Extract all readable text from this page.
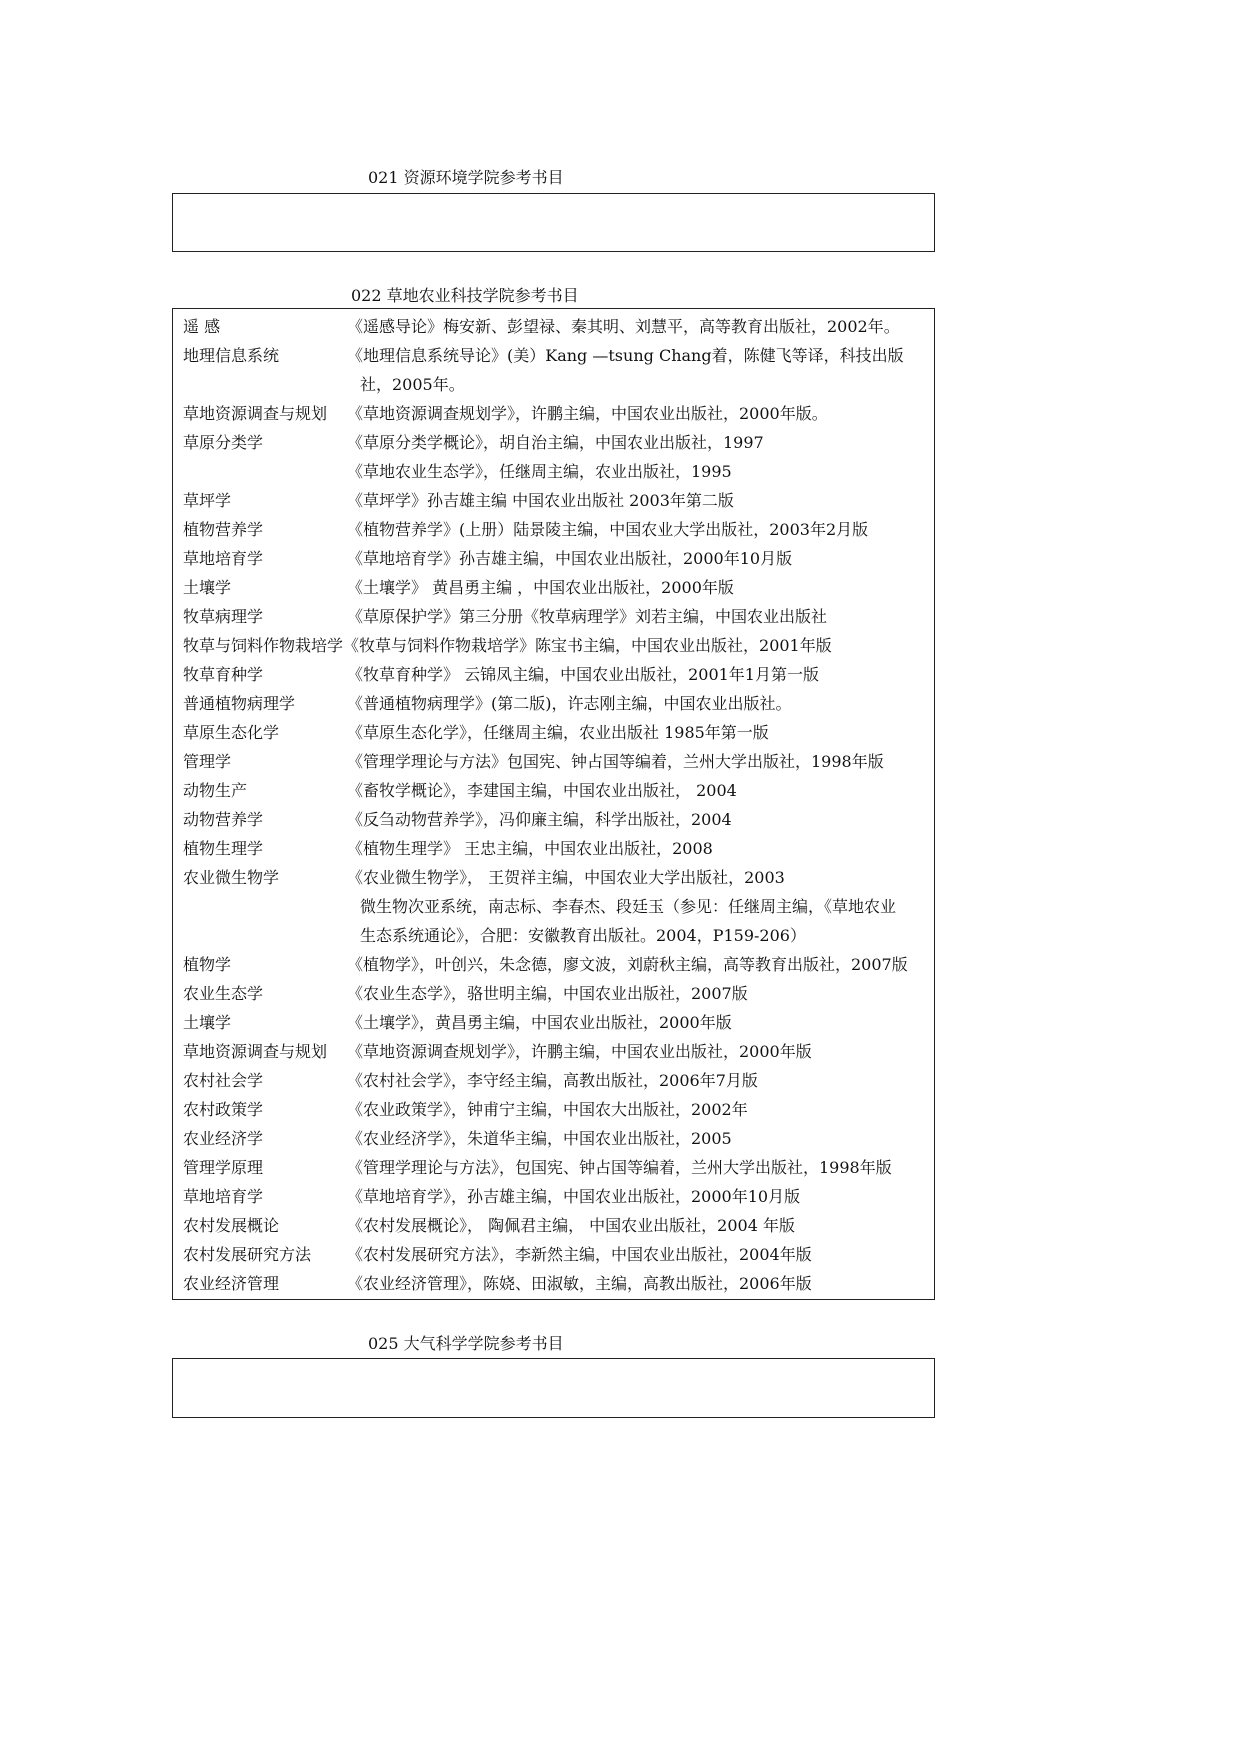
021 资源环境学院参考书目
022 草地农业科技学院参考书目
遥 感	《遥感导论》梅安新、彭望禄、秦其明、刘慧平，高等教育出版社，2002年。
地理信息系统	《地理信息系统导论》(美）Kang —tsung Chang着，陈健飞等译，科技出版
社，2005年。
草地资源调查与规划 《草地资源调查规划学》，许鹏主编，中国农业出版社，2000年版。
草原分类学	《草原分类学概论》，胡自治主编，中国农业出版社，1997
《草地农业生态学》，任继周主编，农业出版社，1995
草坪学	《草坪学》孙吉雄主编 中国农业出版社 2003年第二版
植物营养学	《植物营养学》(上册）陆景陵主编，中国农业大学出版社，2003年2月版
草地培育学	《草地培育学》孙吉雄主编，中国农业出版社，2000年10月版
土壤学	《土壤学》 黄昌勇主编 ，中国农业出版社，2000年版
牧草病理学	《草原保护学》第三分册《牧草病理学》刘若主编，中国农业出版社
牧草与饲料作物栽培学《牧草与饲料作物栽培学》陈宝书主编，中国农业出版社，2001年版
牧草育种学	《牧草育种学》 云锦凤主编，中国农业出版社，2001年1月第一版
普通植物病理学	《普通植物病理学》(第二版)，许志刚主编，中国农业出版社。
草原生态化学	《草原生态化学》，任继周主编，农业出版社 1985年第一版
管理学	《管理学理论与方法》包国宪、钟占国等编着，兰州大学出版社，1998年版
动物生产	《畜牧学概论》，李建国主编，中国农业出版社， 2004
动物营养学	《反刍动物营养学》，冯仰廉主编，科学出版社，2004
植物生理学	《植物生理学》 王忠主编，中国农业出版社，2008
农业微生物学	《农业微生物学》， 王贺祥主编，中国农业大学出版社，2003
微生物次亚系统，南志标、李春杰、段廷玉（参见：任继周主编，《草地农业
生态系统通论》，合肥：安徽教育出版社。2004，P159-206）
植物学	《植物学》，叶创兴，朱念德，廖文波，刘蔚秋主编，高等教育出版社，2007版
农业生态学	《农业生态学》，骆世明主编，中国农业出版社，2007版
土壤学	《土壤学》，黄昌勇主编，中国农业出版社，2000年版
草地资源调查与规划 《草地资源调查规划学》，许鹏主编，中国农业出版社，2000年版
农村社会学	《农村社会学》，李守经主编，高教出版社，2006年7月版
农村政策学	《农业政策学》，钟甫宁主编，中国农大出版社，2002年
农业经济学	《农业经济学》，朱道华主编，中国农业出版社，2005
管理学原理	《管理学理论与方法》，包国宪、钟占国等编着，兰州大学出版社，1998年版
草地培育学	《草地培育学》，孙吉雄主编，中国农业出版社，2000年10月版
农村发展概论	《农村发展概论》， 陶佩君主编， 中国农业出版社，2004 年版
农村发展研究方法 《农村发展研究方法》，李新然主编，中国农业出版社，2004年版
农业经济管理	《农业经济管理》，陈娆、田淑敏，主编，高教出版社，2006年版
025 大气科学学院参考书目
